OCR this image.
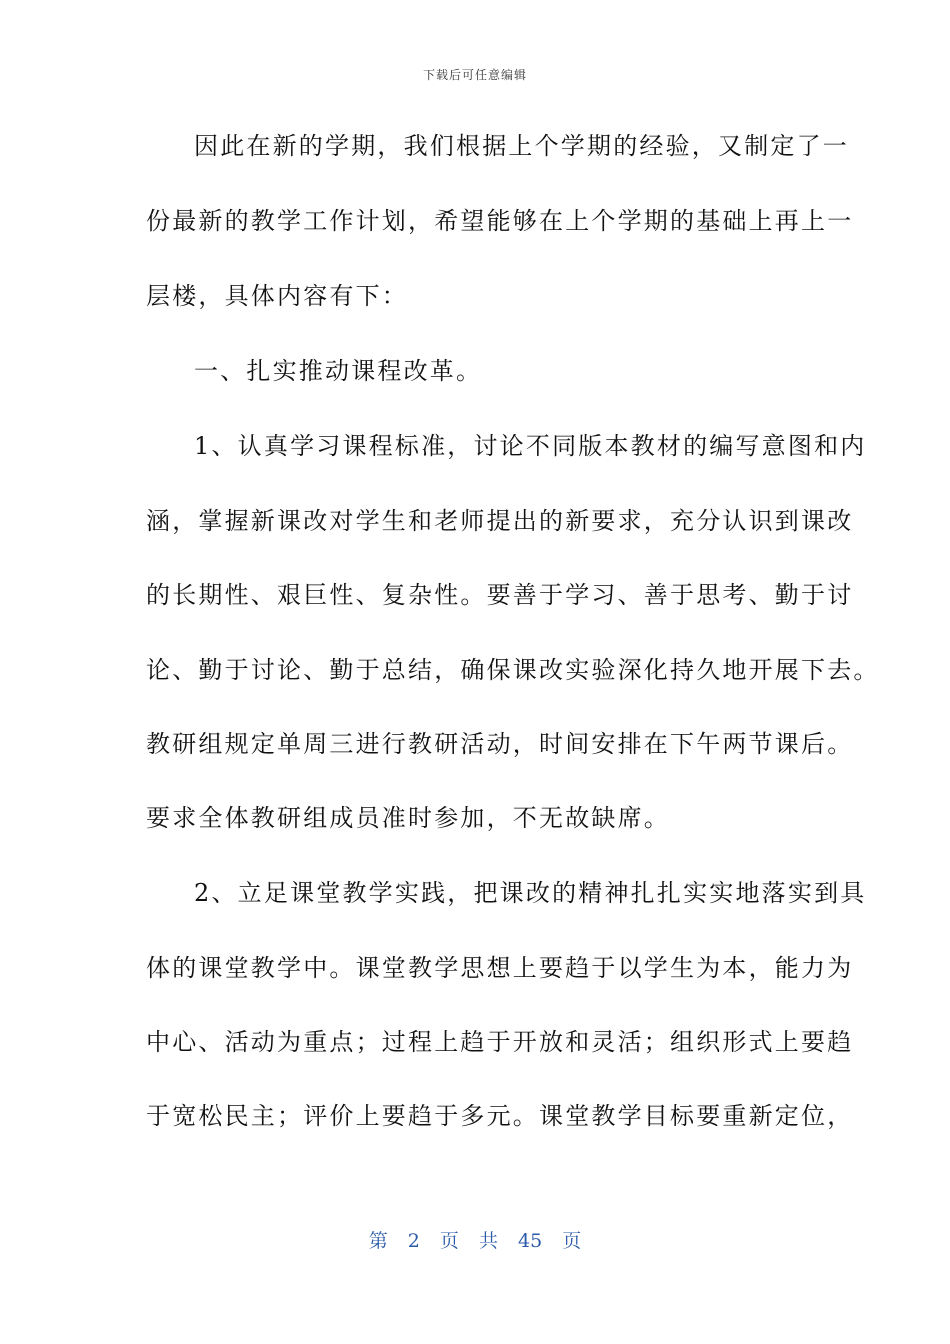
下载后可任意编辑
因此在新的学期，我们根据上个学期的经验，又制定了一
份最新的教学工作计划，希望能够在上个学期的基础上再上一
层楼，具体内容有下：
一、扎实推动课程改革。
1、认真学习课程标准，讨论不同版本教材的编写意图和内
涵，掌握新课改对学生和老师提出的新要求，充分认识到课改
的长期性、艰巨性、复杂性。要善于学习、善于思考、勤于讨
论、勤于讨论、勤于总结，确保课改实验深化持久地开展下去。
教研组规定单周三进行教研活动，时间安排在下午两节课后。
要求全体教研组成员准时参加，不无故缺席。
2、立足课堂教学实践，把课改的精神扎扎实实地落实到具
体的课堂教学中。课堂教学思想上要趋于以学生为本，能力为
中心、活动为重点；过程上趋于开放和灵活；组织形式上要趋
于宽松民主；评价上要趋于多元。课堂教学目标要重新定位，
第 2 页 共 45 页
